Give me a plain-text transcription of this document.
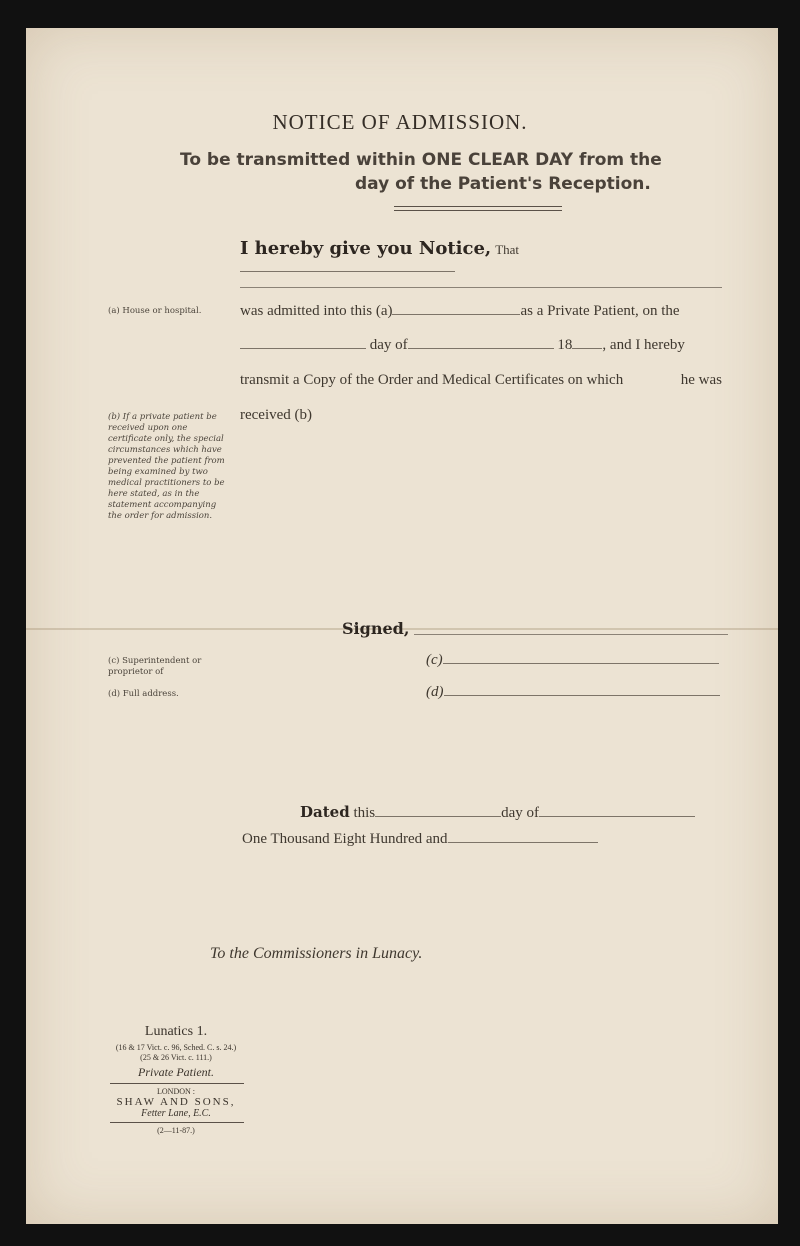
NOTICE OF ADMISSION.
To be transmitted within ONE CLEAR DAY from the
day of the Patient's Reception.
I hereby give you Notice, That
(a) House or hospital.	was admitted into this (a)	as a Private Patient, on the
day of	18 , and I hereby
transmit a Copy of the Order and Medical Certificates on which	he was
(b) If a private patient be received upon one certificate only, the special circumstances which have prevented the patient from being examined by two medical practitioners to be here stated, as in the statement accompanying the order for admission.
received (b)
Signed,
(c) Superintendent or proprietor of
(c)
(d) Full address.	(d)
Dated this	day of
One Thousand Eight Hundred and
To the Commissioners in Lunacy.
Lunatics 1.
(16 & 17 Vict. c. 96, Sched. C. s. 24.)
(25 & 26 Vict. c. 111.)
Private Patient.
LONDON :
SHAW AND SONS,
Fetter Lane, E.C.
(2—11-87.)
